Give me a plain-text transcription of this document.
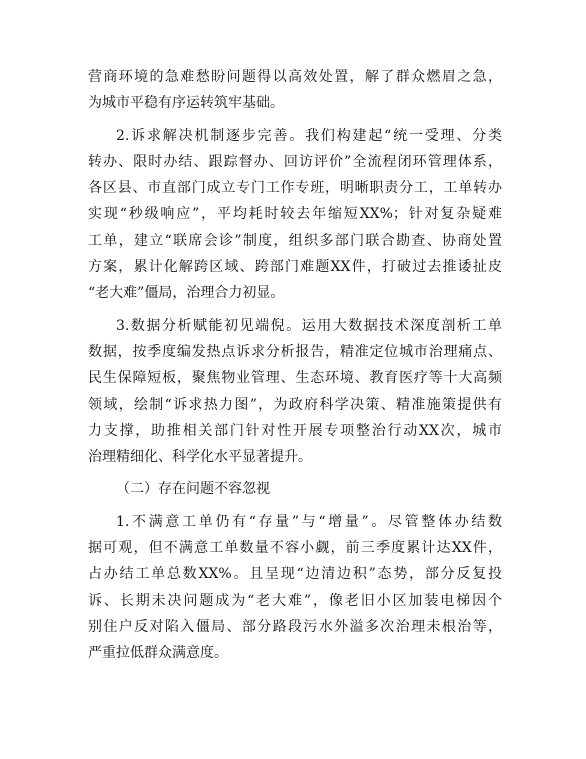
营商环境的急难愁盼问题得以高效处置，解了群众燃眉之急，
为城市平稳有序运转筑牢基础。
2.诉求解决机制逐步完善。我们构建起“统一受理、分类
转办、限时办结、跟踪督办、回访评价”全流程闭环管理体系，
各区县、市直部门成立专门工作专班，明晰职责分工，工单转办
实现“秒级响应”，平均耗时较去年缩短XX%；针对复杂疑难
工单，建立“联席会诊”制度，组织多部门联合勘查、协商处置
方案，累计化解跨区域、跨部门难题XX件，打破过去推诿扯皮
“老大难”僵局，治理合力初显。
3.数据分析赋能初见端倪。运用大数据技术深度剖析工单
数据，按季度编发热点诉求分析报告，精准定位城市治理痛点、
民生保障短板，聚焦物业管理、生态环境、教育医疗等十大高频
领域，绘制“诉求热力图”，为政府科学决策、精准施策提供有
力支撑，助推相关部门针对性开展专项整治行动XX次，城市
治理精细化、科学化水平显著提升。
（二）存在问题不容忽视
1.不满意工单仍有“存量”与“增量”。尽管整体办结数
据可观，但不满意工单数量不容小觑，前三季度累计达XX件，
占办结工单总数XX%。且呈现“边清边积”态势，部分反复投
诉、长期未决问题成为“老大难”，像老旧小区加装电梯因个
别住户反对陷入僵局、部分路段污水外溢多次治理未根治等，
严重拉低群众满意度。
